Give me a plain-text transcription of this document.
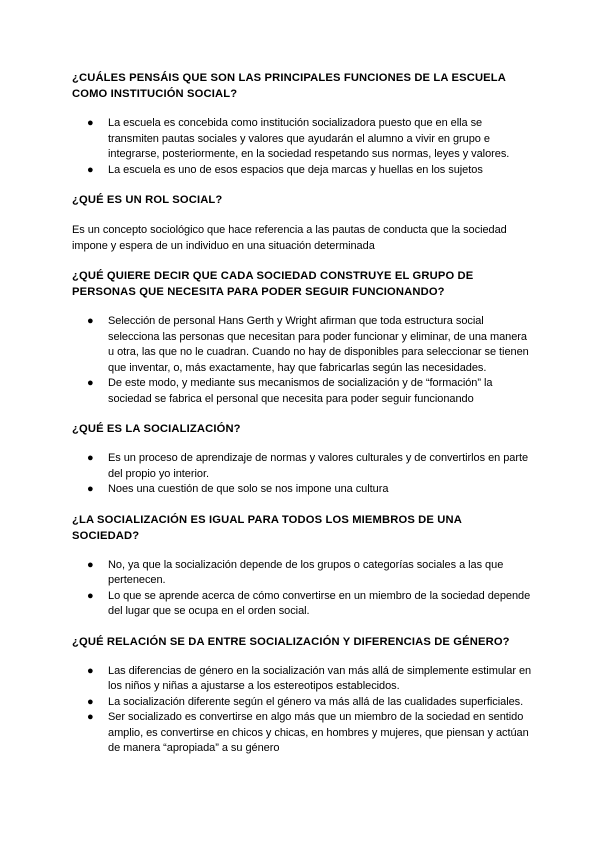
¿CUÁLES PENSÁIS QUE SON LAS PRINCIPALES FUNCIONES DE LA ESCUELA COMO INSTITUCIÓN SOCIAL?
● La escuela es concebida como institución socializadora puesto que en ella se transmiten pautas sociales y valores que ayudarán el alumno a vivir en grupo e integrarse, posteriormente, en la sociedad respetando sus normas, leyes y valores.
● La escuela es uno de esos espacios que deja marcas y huellas en los sujetos
¿QUÉ ES UN ROL SOCIAL?

Es un concepto sociológico que hace referencia a las pautas de conducta que la sociedad impone y espera de un individuo en una situación determinada

¿QUÉ QUIERE DECIR QUE CADA SOCIEDAD CONSTRUYE EL GRUPO DE PERSONAS QUE NECESITA PARA PODER SEGUIR FUNCIONANDO?
● Selección de personal Hans Gerth y Wright afirman que toda estructura social selecciona las personas que necesitan para poder funcionar y eliminar, de una manera u otra, las que no le cuadran. Cuando no hay de disponibles para seleccionar se tienen que inventar, o, más exactamente, hay que fabricarlas según las necesidades.
● De este modo, y mediante sus mecanismos de socialización y de “formación” la sociedad se fabrica el personal que necesita para poder seguir funcionando
¿QUÉ ES LA SOCIALIZACIÓN?
● Es un proceso de aprendizaje de normas y valores culturales y de convertirlos en parte del propio yo interior.
● Noes una cuestión de que solo se nos impone una cultura
¿LA SOCIALIZACIÓN ES IGUAL PARA TODOS LOS MIEMBROS DE UNA SOCIEDAD?
● No, ya que la socialización depende de los grupos o categorías sociales a las que pertenecen.
● Lo que se aprende acerca de cómo convertirse en un miembro de la sociedad depende del lugar que se ocupa en el orden social.
¿QUÉ RELACIÓN SE DA ENTRE SOCIALIZACIÓN Y DIFERENCIAS DE GÉNERO?
● Las diferencias de género en la socialización van más allá de simplemente estimular en los niños y niñas a ajustarse a los estereotipos establecidos.
● La socialización diferente según el género va más allá de las cualidades superficiales.
● Ser socializado es convertirse en algo más que un miembro de la sociedad en sentido amplio, es convertirse en chicos y chicas, en hombres y mujeres, que piensan y actúan de manera “apropiada” a su género
